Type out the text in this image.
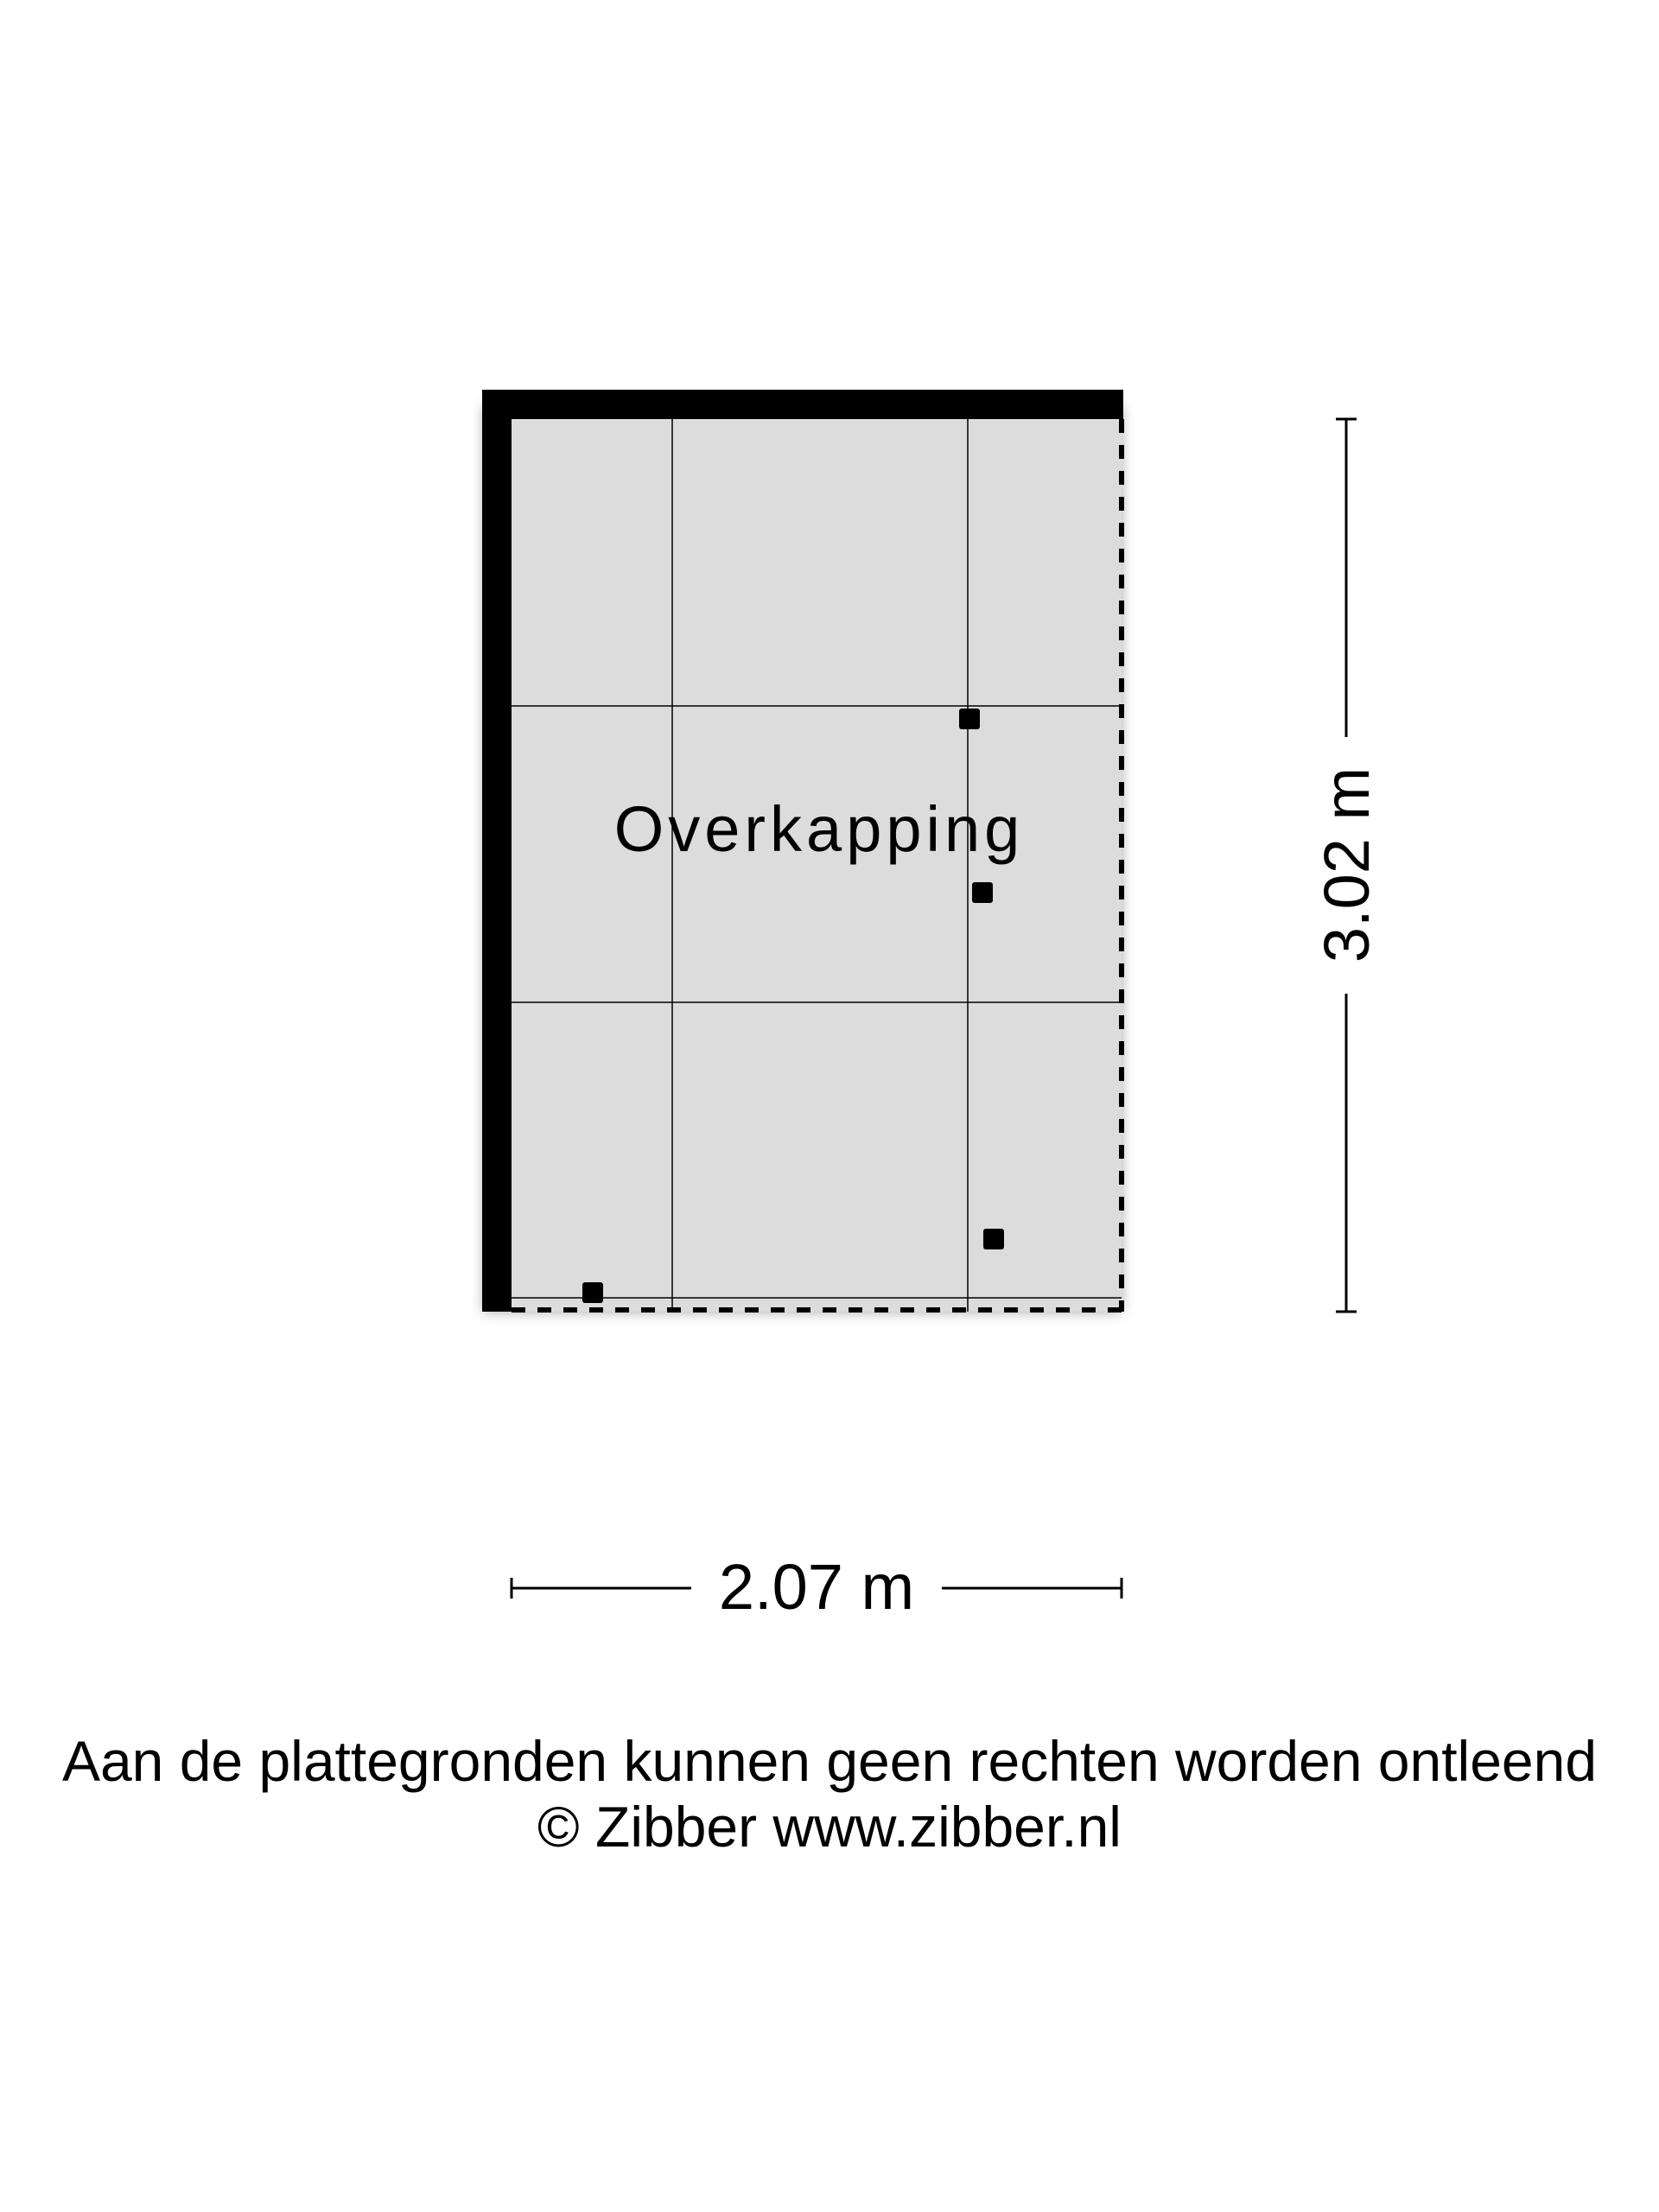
Overkapping
2.07 m
3.02 m
Aan de plattegronden kunnen geen rechten worden ontleend
© Zibber www.zibber.nl
